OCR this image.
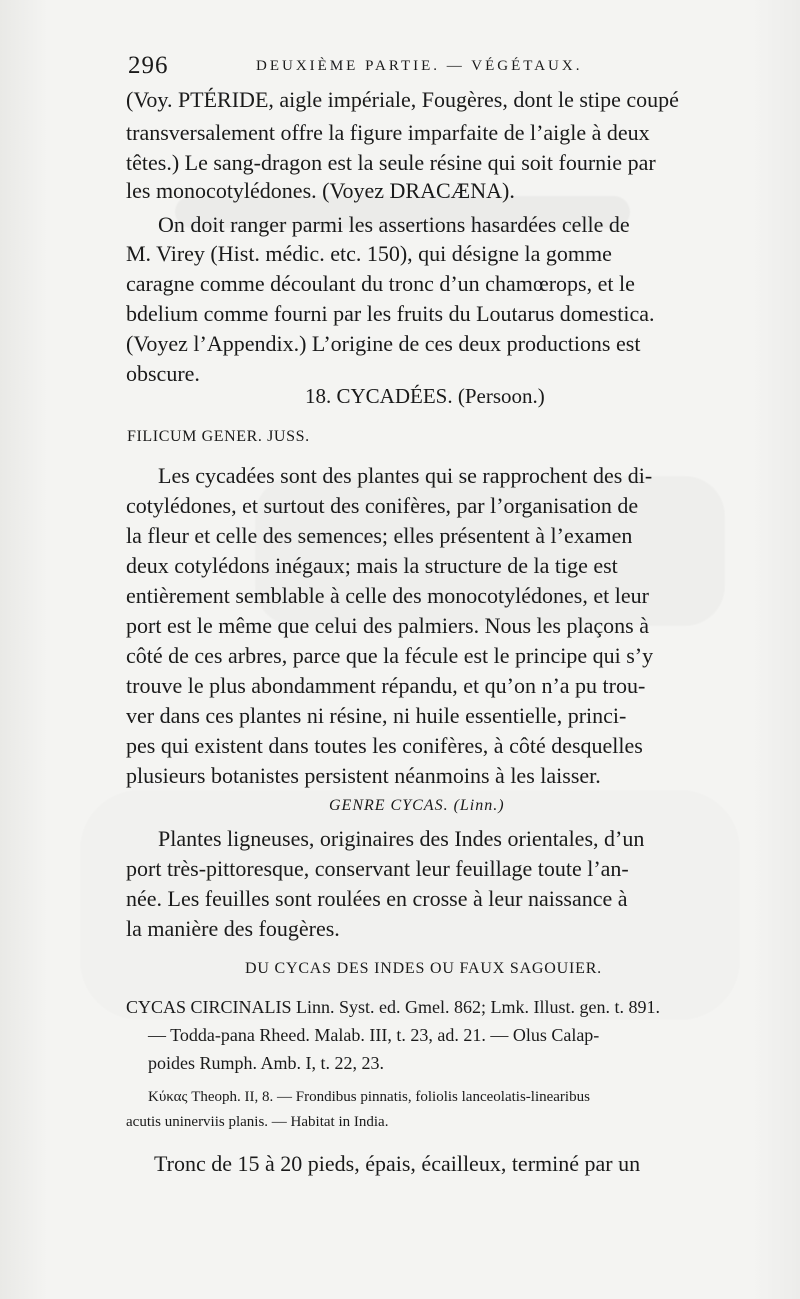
296	DEUXIÈME PARTIE. — VÉGÉTAUX.
(Voy. PTÉRIDE, aigle impériale, Fougères, dont le stipe coupé
transversalement offre la figure imparfaite de l’aigle à deux
têtes.) Le sang-dragon est la seule résine qui soit fournie par
les monocotylédones. (Voyez DRACÆNA).
On doit ranger parmi les assertions hasardées celle de
M. Virey (Hist. médic. etc. 150), qui désigne la gomme
caragne comme découlant du tronc d’un chamœrops, et le
bdelium comme fourni par les fruits du Loutarus domestica.
(Voyez l’Appendix.) L’origine de ces deux productions est
obscure.
18. CYCADÉES. (Persoon.)
FILICUM GENER. JUSS.
Les cycadées sont des plantes qui se rapprochent des di-
cotylédones, et surtout des conifères, par l’organisation de
la fleur et celle des semences; elles présentent à l’examen
deux cotylédons inégaux; mais la structure de la tige est
entièrement semblable à celle des monocotylédones, et leur
port est le même que celui des palmiers. Nous les plaçons à
côté de ces arbres, parce que la fécule est le principe qui s’y
trouve le plus abondamment répandu, et qu’on n’a pu trou-
ver dans ces plantes ni résine, ni huile essentielle, princi-
pes qui existent dans toutes les conifères, à côté desquelles
plusieurs botanistes persistent néanmoins à les laisser.
GENRE CYCAS. (Linn.)
Plantes ligneuses, originaires des Indes orientales, d’un
port très-pittoresque, conservant leur feuillage toute l’an-
née. Les feuilles sont roulées en crosse à leur naissance à
la manière des fougères.
DU CYCAS DES INDES OU FAUX SAGOUIER.
CYCAS CIRCINALIS Linn. Syst. ed. Gmel. 862; Lmk. Illust. gen. t. 891.
— Todda-pana Rheed. Malab. III, t. 23, ad. 21. — Olus Calap-
poides Rumph. Amb. I, t. 22, 23.
Κύκας Theoph. II, 8. — Frondibus pinnatis, foliolis lanceolatis-linearibus
acutis uninerviis planis. — Habitat in India.
Tronc de 15 à 20 pieds, épais, écailleux, terminé par un
